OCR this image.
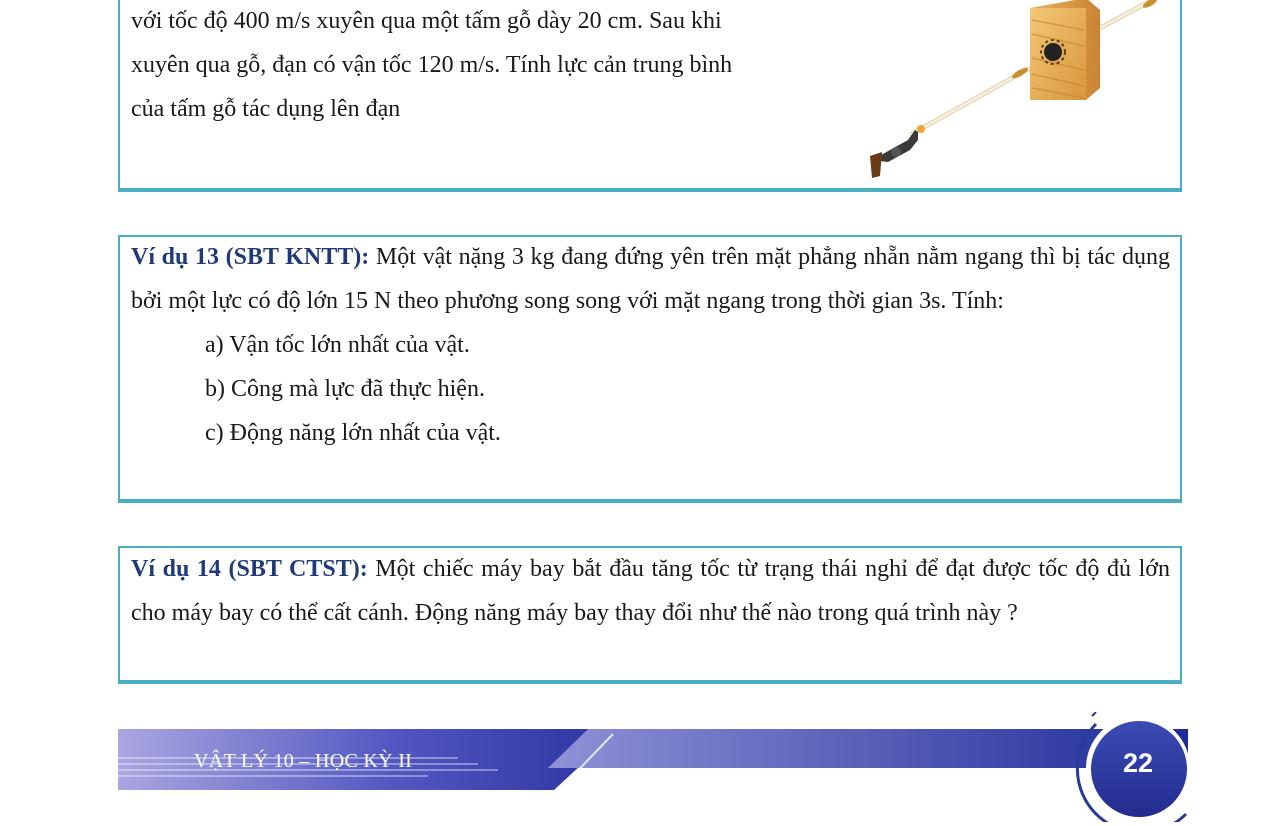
với tốc độ 400 m/s xuyên qua một tấm gỗ dày 20 cm. Sau khi
xuyên qua gỗ, đạn có vận tốc 120 m/s. Tính lực cản trung bình
của tấm gỗ tác dụng lên đạn
Ví dụ 13 (SBT KNTT): Một vật nặng 3 kg đang đứng yên trên mặt phẳng nhẵn nằm ngang thì bị tác dụng bởi một lực có độ lớn 15 N theo phương song song với mặt ngang trong thời gian 3s. Tính:
a) Vận tốc lớn nhất của vật.
b) Công mà lực đã thực hiện.
c) Động năng lớn nhất của vật.
Ví dụ 14 (SBT CTST): Một chiếc máy bay bắt đầu tăng tốc từ trạng thái nghỉ để đạt được tốc độ đủ lớn cho máy bay có thể cất cánh. Động năng máy bay thay đổi như thế nào trong quá trình này ?
VẬT LÝ 10 – HỌC KỲ II	22
